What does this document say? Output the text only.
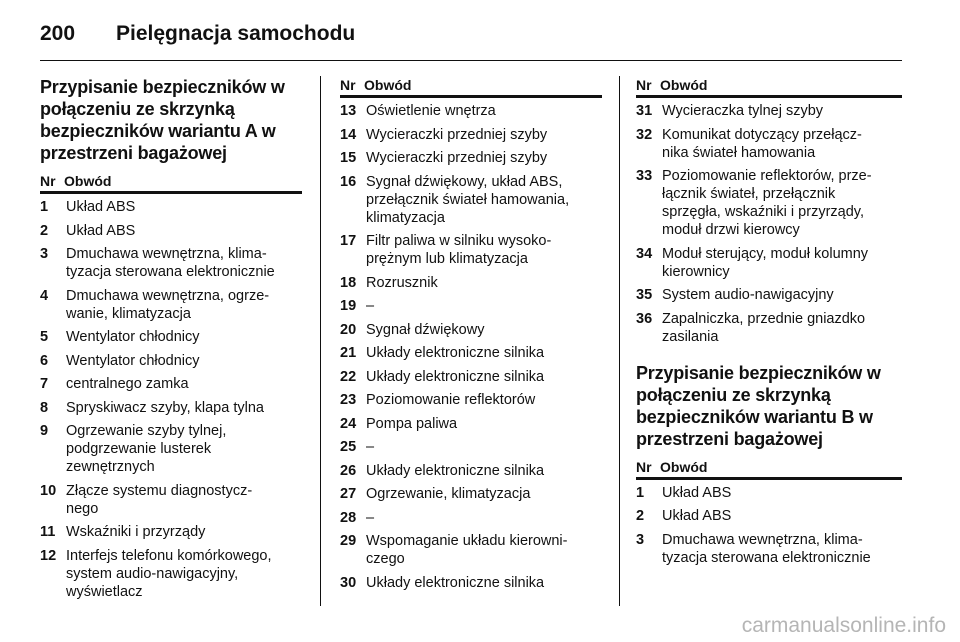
200 Pielęgnacja samochodu
Przypisanie bezpieczników w
połączeniu ze skrzynką
bezpieczników wariantu A w
przestrzeni bagażowej
Nr Obwód
1	Układ ABS
2	Układ ABS
3	Dmuchawa wewnętrzna, klima-
tyzacja sterowana elektronicznie
4	Dmuchawa wewnętrzna, ogrze-
wanie, klimatyzacja
5	Wentylator chłodnicy
6	Wentylator chłodnicy
7	centralnego zamka
8	Spryskiwacz szyby, klapa tylna
9	Ogrzewanie szyby tylnej,
podgrzewanie lusterek
zewnętrznych
10 Złącze systemu diagnostycz-
nego
11 Wskaźniki i przyrządy
12 Interfejs telefonu komórkowego,
system audio-nawigacyjny,
wyświetlacz
Nr Obwód
13 Oświetlenie wnętrza
14 Wycieraczki przedniej szyby
15 Wycieraczki przedniej szyby
16 Sygnał dźwiękowy, układ ABS,
przełącznik świateł hamowania,
klimatyzacja
17 Filtr paliwa w silniku wysoko-
prężnym lub klimatyzacja
18 Rozrusznik
19 –
20 Sygnał dźwiękowy
21 Układy elektroniczne silnika
22 Układy elektroniczne silnika
23 Poziomowanie reflektorów
24 Pompa paliwa
25 –
26 Układy elektroniczne silnika
27 Ogrzewanie, klimatyzacja
28 –
29 Wspomaganie układu kierowni-
czego
30 Układy elektroniczne silnika
Nr Obwód
31 Wycieraczka tylnej szyby
32 Komunikat dotyczący przełącz-
nika świateł hamowania
33 Poziomowanie reflektorów, prze-
łącznik świateł, przełącznik
sprzęgła, wskaźniki i przyrządy,
moduł drzwi kierowcy
34 Moduł sterujący, moduł kolumny
kierownicy
35 System audio-nawigacyjny
36 Zapalniczka, przednie gniazdko
zasilania
Przypisanie bezpieczników w
połączeniu ze skrzynką
bezpieczników wariantu B w
przestrzeni bagażowej
Nr Obwód
1	Układ ABS
2	Układ ABS
3	Dmuchawa wewnętrzna, klima-
tyzacja sterowana elektronicznie
carmanualsonline.info
